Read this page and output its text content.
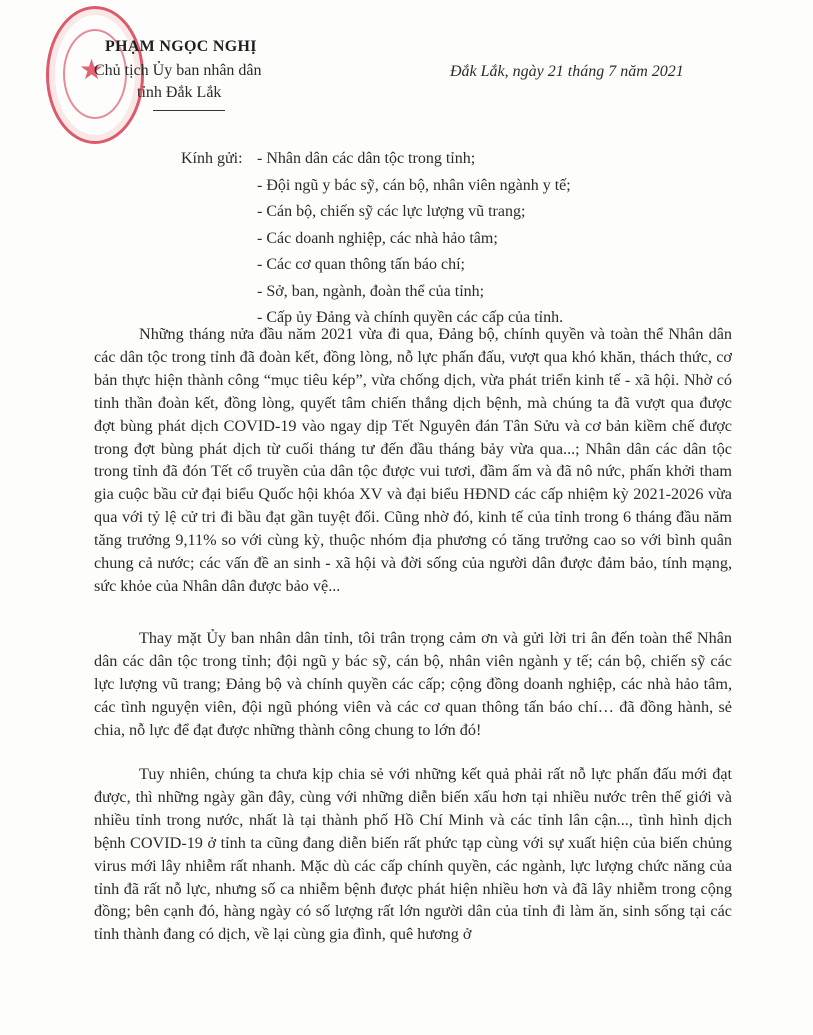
★
PHẠM NGỌC NGHỊ
Chủ tịch Ủy ban nhân dân
tỉnh Đắk Lắk
Đắk Lắk, ngày 21 tháng 7 năm 2021
Kính gửi: - Nhân dân các dân tộc trong tỉnh;
- Đội ngũ y bác sỹ, cán bộ, nhân viên ngành y tế;
- Cán bộ, chiến sỹ các lực lượng vũ trang;
- Các doanh nghiệp, các nhà hảo tâm;
- Các cơ quan thông tấn báo chí;
- Sở, ban, ngành, đoàn thể của tỉnh;
- Cấp ủy Đảng và chính quyền các cấp của tỉnh.

Những tháng nửa đầu năm 2021 vừa đi qua, Đảng bộ, chính quyền và toàn thể Nhân dân các dân tộc trong tỉnh đã đoàn kết, đồng lòng, nỗ lực phấn đấu, vượt qua khó khăn, thách thức, cơ bản thực hiện thành công “mục tiêu kép”, vừa chống dịch, vừa phát triển kinh tế - xã hội. Nhờ có tinh thần đoàn kết, đồng lòng, quyết tâm chiến thắng dịch bệnh, mà chúng ta đã vượt qua được đợt bùng phát dịch COVID-19 vào ngay dịp Tết Nguyên đán Tân Sửu và cơ bản kiềm chế được trong đợt bùng phát dịch từ cuối tháng tư đến đầu tháng bảy vừa qua...; Nhân dân các dân tộc trong tỉnh đã đón Tết cổ truyền của dân tộc được vui tươi, đầm ấm và đã nô nức, phấn khởi tham gia cuộc bầu cử đại biểu Quốc hội khóa XV và đại biểu HĐND các cấp nhiệm kỳ 2021-2026 vừa qua với tỷ lệ cử tri đi bầu đạt gần tuyệt đối. Cũng nhờ đó, kinh tế của tỉnh trong 6 tháng đầu năm tăng trưởng 9,11% so với cùng kỳ, thuộc nhóm địa phương có tăng trưởng cao so với bình quân chung cả nước; các vấn đề an sinh - xã hội và đời sống của người dân được đảm bảo, tính mạng, sức khỏe của Nhân dân được bảo vệ...

Thay mặt Ủy ban nhân dân tỉnh, tôi trân trọng cảm ơn và gửi lời tri ân đến toàn thể Nhân dân các dân tộc trong tỉnh; đội ngũ y bác sỹ, cán bộ, nhân viên ngành y tế; cán bộ, chiến sỹ các lực lượng vũ trang; Đảng bộ và chính quyền các cấp; cộng đồng doanh nghiệp, các nhà hảo tâm, các tình nguyện viên, đội ngũ phóng viên và các cơ quan thông tấn báo chí… đã đồng hành, sẻ chia, nỗ lực để đạt được những thành công chung to lớn đó!

Tuy nhiên, chúng ta chưa kịp chia sẻ với những kết quả phải rất nỗ lực phấn đấu mới đạt được, thì những ngày gần đây, cùng với những diễn biến xấu hơn tại nhiều nước trên thế giới và nhiều tỉnh trong nước, nhất là tại thành phố Hồ Chí Minh và các tỉnh lân cận..., tình hình dịch bệnh COVID-19 ở tỉnh ta cũng đang diễn biến rất phức tạp cùng với sự xuất hiện của biến chủng virus mới lây nhiễm rất nhanh. Mặc dù các cấp chính quyền, các ngành, lực lượng chức năng của tỉnh đã rất nỗ lực, nhưng số ca nhiễm bệnh được phát hiện nhiều hơn và đã lây nhiễm trong cộng đồng; bên cạnh đó, hàng ngày có số lượng rất lớn người dân của tỉnh đi làm ăn, sinh sống tại các tỉnh thành đang có dịch, về lại cùng gia đình, quê hương ở
